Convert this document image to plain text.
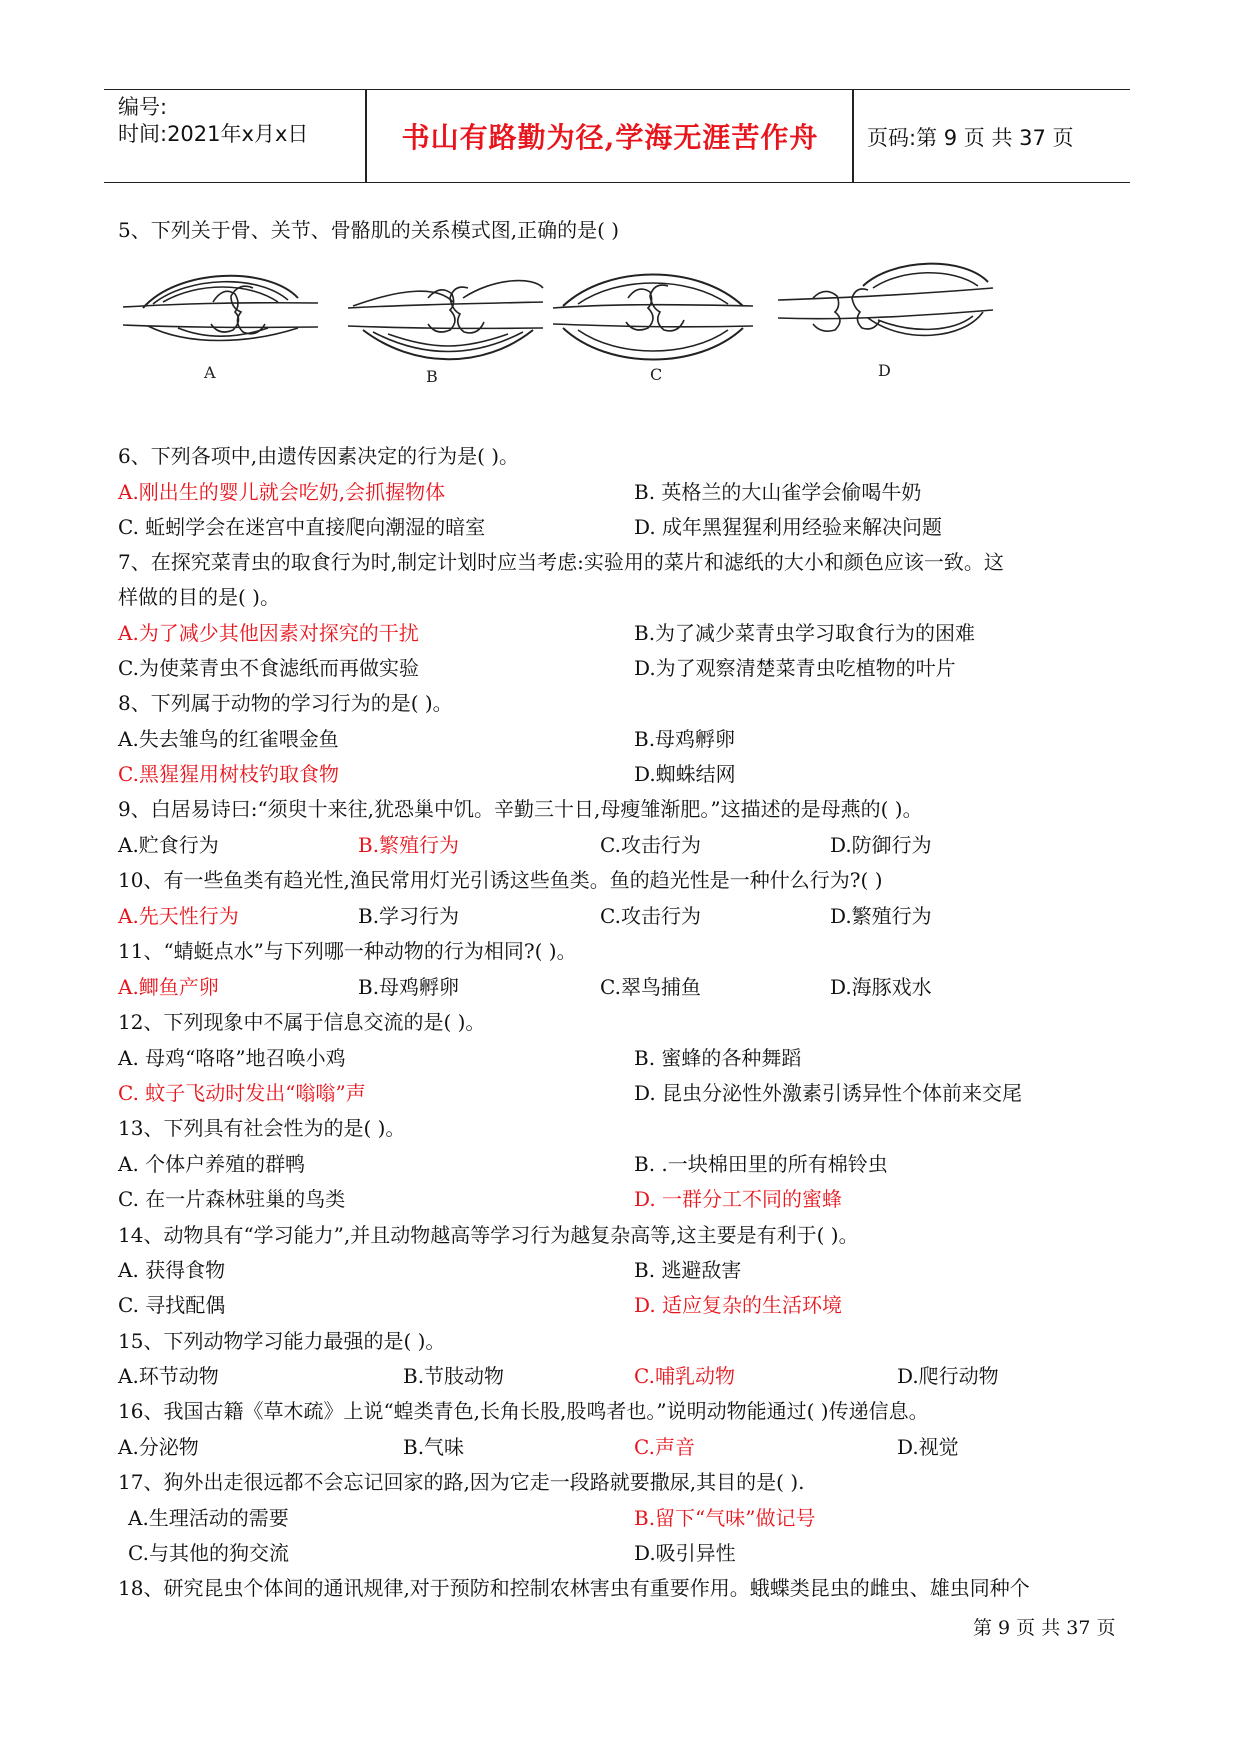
编号:
时间:2021年x月x日	书山有路勤为径,学海无涯苦作舟	页码:第 9 页 共 37 页
5、下列关于骨、关节、骨骼肌的关系模式图,正确的是( )
A	B	C	D
6、下列各项中,由遗传因素决定的行为是( )。
A.刚出生的婴儿就会吃奶,会抓握物体	B. 英格兰的大山雀学会偷喝牛奶
C. 蚯蚓学会在迷宫中直接爬向潮湿的暗室	D. 成年黑猩猩利用经验来解决问题
7、在探究菜青虫的取食行为时,制定计划时应当考虑:实验用的菜片和滤纸的大小和颜色应该一致。这
样做的目的是( )。
A.为了减少其他因素对探究的干扰	B.为了减少菜青虫学习取食行为的困难
C.为使菜青虫不食滤纸而再做实验	D.为了观察清楚菜青虫吃植物的叶片
8、下列属于动物的学习行为的是( )。
A.失去雏鸟的红雀喂金鱼	B.母鸡孵卵
C.黑猩猩用树枝钓取食物	D.蜘蛛结网
9、白居易诗曰:“须臾十来往,犹恐巢中饥。辛勤三十日,母瘦雏渐肥。”这描述的是母燕的( )。
A.贮食行为	B.繁殖行为	C.攻击行为	D.防御行为
10、有一些鱼类有趋光性,渔民常用灯光引诱这些鱼类。鱼的趋光性是一种什么行为?( )
A.先天性行为	B.学习行为	C.攻击行为	D.繁殖行为
11、“蜻蜓点水”与下列哪一种动物的行为相同?( )。
A.鲫鱼产卵	B.母鸡孵卵	C.翠鸟捕鱼	D.海豚戏水
12、下列现象中不属于信息交流的是( )。
A. 母鸡“咯咯”地召唤小鸡	B. 蜜蜂的各种舞蹈
C. 蚊子飞动时发出“嗡嗡”声	D. 昆虫分泌性外激素引诱异性个体前来交尾
13、下列具有社会性为的是( )。
A. 个体户养殖的群鸭	B. .一块棉田里的所有棉铃虫
C. 在一片森林驻巢的鸟类	D. 一群分工不同的蜜蜂
14、动物具有“学习能力”,并且动物越高等学习行为越复杂高等,这主要是有利于( )。
A. 获得食物	B. 逃避敌害
C. 寻找配偶	D. 适应复杂的生活环境
15、下列动物学习能力最强的是( )。
A.环节动物	B.节肢动物	C.哺乳动物	D.爬行动物
16、我国古籍《草木疏》上说“蝗类青色,长角长股,股鸣者也。”说明动物能通过( )传递信息。
A.分泌物	B.气味	C.声音	D.视觉
17、狗外出走很远都不会忘记回家的路,因为它走一段路就要撒尿,其目的是( ).
A.生理活动的需要	B.留下“气味”做记号
C.与其他的狗交流	D.吸引异性
18、研究昆虫个体间的通讯规律,对于预防和控制农林害虫有重要作用。蛾蝶类昆虫的雌虫、雄虫同种个
第 9 页 共 37 页
